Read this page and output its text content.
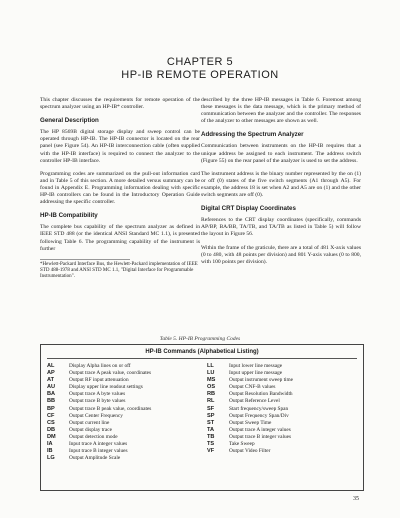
CHAPTER 5
HP-IB REMOTE OPERATION

This chapter discusses the requirements for remote operation of the spectrum analyzer using an HP-IB* controller.

General Description

The HP 8569B digital storage display and sweep control can be operated through HP-IB. The HP-IB connector is located on the rear panel (see Figure 54). An HP-IB interconnection cable (often supplied with the HP-IB interface) is required to connect the analyzer to the controller HP-IB interface.

Programming codes are summarized on the pull-out information card and in Table 5 of this section. A more detailed versus summary can be found in Appendix E. Programming information dealing with specific HP-IB controllers can be found in the Introductory Operation Guide addressing the specific controller.

HP-IB Compatibility

The complete bus capability of the spectrum analyzer as defined in IEEE STD 488 (or the identical ANSI Standard MC 1.1), is presented following Table 6. The programming capability of the instrument is further

*Hewlett-Packard Interface Bus, the Hewlett-Packard implementation of IEEE STD 488-1978 and ANSI STD MC 1.1, "Digital Interface for Programmable Instrumentation".

described by the three HP-IB messages in Table 6. Foremost among these messages is the data message, which is the primary method of communication between the analyzer and the controller. The responses of the analyzer to other messages are shown as well.

Addressing the Spectrum Analyzer

Communication between instruments on the HP-IB requires that a unique address be assigned to each instrument. The address switch (Figure 55) on the rear panel of the analyzer is used to set the address.

The instrument address is the binary number represented by the on (1) or off (0) states of the five switch segments (A1 through A5). For example, the address 18 is set when A2 and A5 are on (1) and the other switch segments are off (0).

Digital CRT Display Coordinates

References to the CRT display coordinates (specifically, commands AP/BP, BA/BB, TA/TB, and TA/TB as listed in Table 5) will follow the layout in Figure 56.

Within the frame of the graticule, there are a total of 481 X-axis values (0 to 480, with 48 points per division) and 801 Y-axis values (0 to 800, with 100 points per division).

Table 5. HP-IB Programming Codes
HP-IB Commands (Alphabetical Listing)
AL	Display Alpha lines on or off
AP	Output trace A peak value, coordinates
AT	Output RF input attenuation
AU	Display upper line readout settings
BA	Output trace A byte values
BB	Output trace B byte values
BP	Output trace B peak value, coordinates
CF	Output Center Frequency
CS	Output current line
DB	Output display trace
DM	Output detection mode
IA	Input trace A integer values
IB	Input trace B integer values
LG	Output Amplitude Scale
LL	Input lower line message
LU	Input upper line message
MS	Output instrument sweep time
OS	Output CNF-B values
RB	Output Resolution Bandwidth
RL	Output Reference Level
SF	Start frequency/sweep Span
SP	Output Frequency Span/Div
ST	Output Sweep Time
TA	Output trace A integer values
TB	Output trace B integer values
TS	Take Sweep
VF	Output Video Filter
35
